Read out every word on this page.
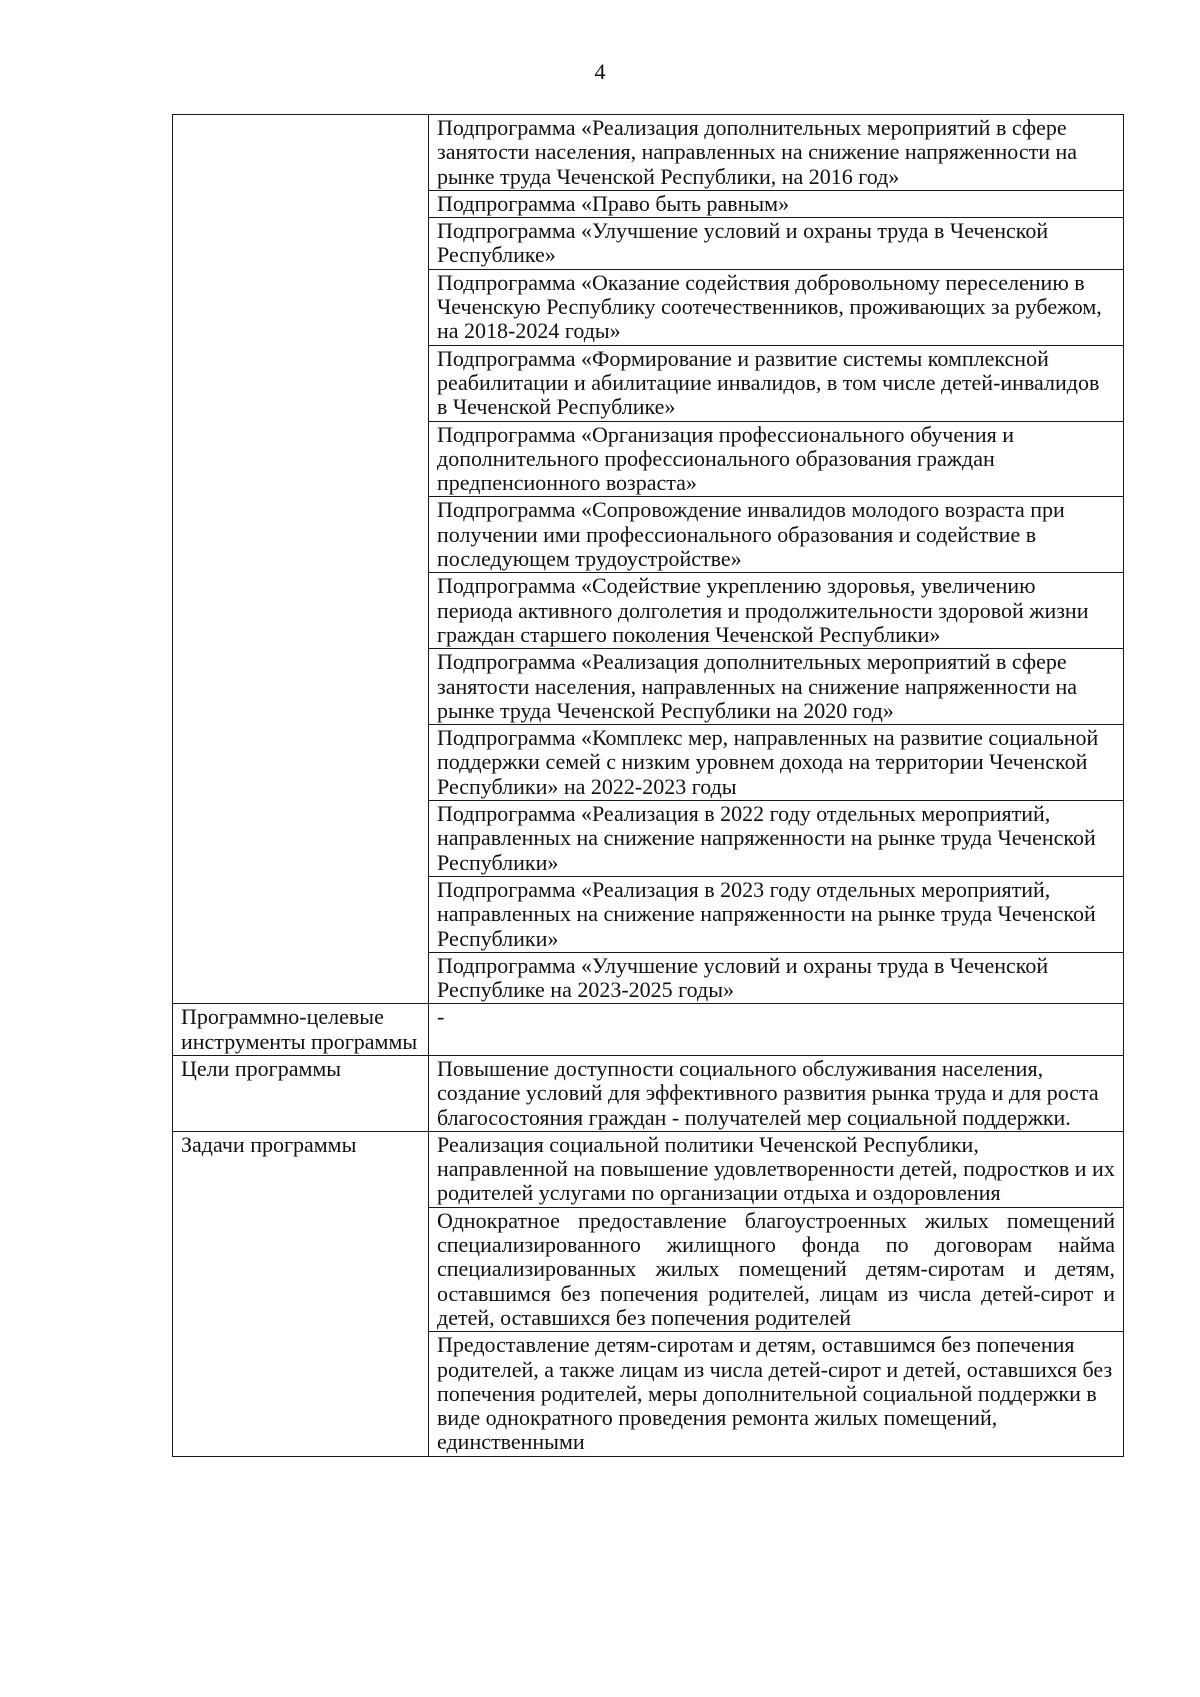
4
	Подпрограмма «Реализация дополнительных мероприятий в сфере занятости населения, направленных на снижение напряженности на рынке труда Чеченской Республики, на 2016 год»
	Подпрограмма «Право быть равным»
	Подпрограмма «Улучшение условий и охраны труда в Чеченской Республике»
	Подпрограмма «Оказание содействия добровольному переселению в Чеченскую Республику соотечественников, проживающих за рубежом, на 2018-2024 годы»
	Подпрограмма «Формирование и развитие системы комплексной реабилитации и абилитациие инвалидов, в том числе детей-инвалидов в Чеченской Республике»
	Подпрограмма «Организация профессионального обучения и дополнительного профессионального образования граждан предпенсионного возраста»
	Подпрограмма «Сопровождение инвалидов молодого возраста при получении ими профессионального образования и содействие в последующем трудоустройстве»
	Подпрограмма «Содействие укреплению здоровья, увеличению периода активного долголетия и продолжительности здоровой жизни граждан старшего поколения Чеченской Республики»
	Подпрограмма «Реализация дополнительных мероприятий в сфере занятости населения, направленных на снижение напряженности на рынке труда Чеченской Республики на 2020 год»
	Подпрограмма «Комплекс мер, направленных на развитие социальной поддержки семей с низким уровнем дохода на территории Чеченской Республики» на 2022-2023 годы
	Подпрограмма «Реализация в 2022 году отдельных мероприятий, направленных на снижение напряженности на рынке труда Чеченской Республики»
	Подпрограмма «Реализация в 2023 году отдельных мероприятий, направленных на снижение напряженности на рынке труда Чеченской Республики»
	Подпрограмма «Улучшение условий и охраны труда в Чеченской Республике на 2023-2025 годы»
Программно-целевые инструменты программы	-
Цели программы	Повышение доступности социального обслуживания населения, создание условий для эффективного развития рынка труда и для роста благосостояния граждан - получателей мер социальной поддержки.
Задачи программы	Реализация социальной политики Чеченской Республики, направленной на повышение удовлетворенности детей, подростков и их родителей услугами по организации отдыха и оздоровления
	Однократное предоставление благоустроенных жилых помещений специализированного жилищного фонда по договорам найма специализированных жилых помещений детям-сиротам и детям, оставшимся без попечения родителей, лицам из числа детей-сирот и детей, оставшихся без попечения родителей
	Предоставление детям-сиротам и детям, оставшимся без попечения родителей, а также лицам из числа детей-сирот и детей, оставшихся без попечения родителей, меры дополнительной социальной поддержки в виде однократного проведения ремонта жилых помещений, единственными
